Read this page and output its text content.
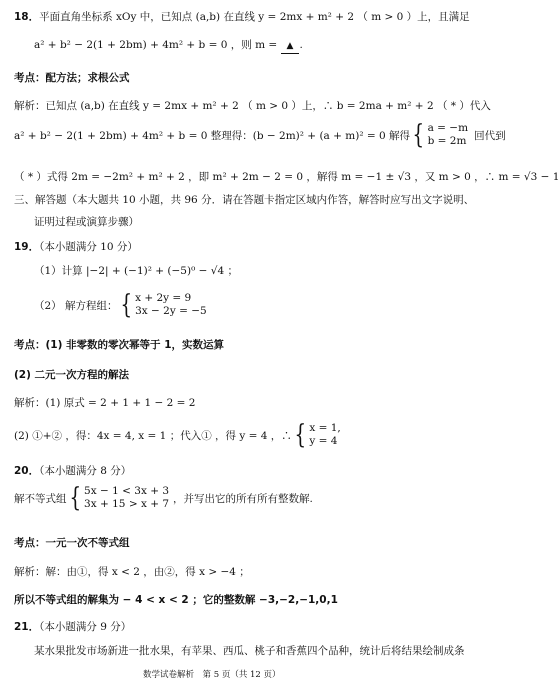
18．平面直角坐标系 xOy 中，已知点 (a,b) 在直线 y = 2mx + m² + 2 （ m > 0 ）上，且满足
a² + b² − 2(1 + 2bm) + 4m² + b = 0 ，则 m = ▲ .
考点：配方法；求根公式
解析：已知点 (a,b) 在直线 y = 2mx + m² + 2 （ m > 0 ）上，∴ b = 2ma + m² + 2 （ * ）代入
a² + b² − 2(1 + 2bm) + 4m² + b = 0 整理得：(b − 2m)² + (a + m)² = 0 解得 { a = −m
b = 2m 回代到
（ * ）式得 2m = −2m² + m² + 2 ，即 m² + 2m − 2 = 0 ，解得 m = −1 ± √3 ，又 m > 0 ，∴ m = √3 − 1
三、解答题（本大题共 10 小题，共 96 分．请在答题卡指定区域内作答，解答时应写出文字说明、
证明过程或演算步骤）
19．（本小题满分 10 分）
（1）计算 |−2| + (−1)² + (−5)⁰ − √4 ；
（2） 解方程组： { x + 2y = 9
3x − 2y = −5
考点：(1) 非零数的零次幂等于 1，实数运算
(2) 二元一次方程的解法
解析：(1) 原式 = 2 + 1 + 1 − 2 = 2
(2) ①+② ，得：4x = 4, x = 1 ；代入① ，得 y = 4 ，∴ { x = 1,
y = 4
20．（本小题满分 8 分）
解不等式组 { 5x − 1 < 3x + 3
3x + 15 > x + 7 ，并写出它的所有所有整数解.
考点：一元一次不等式组
解析：解：由①，得 x < 2 ，由②，得 x > −4 ；
所以不等式组的解集为 − 4 < x < 2 ；它的整数解 −3,−2,−1,0,1
21．（本小题满分 9 分）
某水果批发市场新进一批水果，有苹果、西瓜、桃子和香蕉四个品种，统计后将结果绘制成条
数学试卷解析　第 5 页（共 12 页）
